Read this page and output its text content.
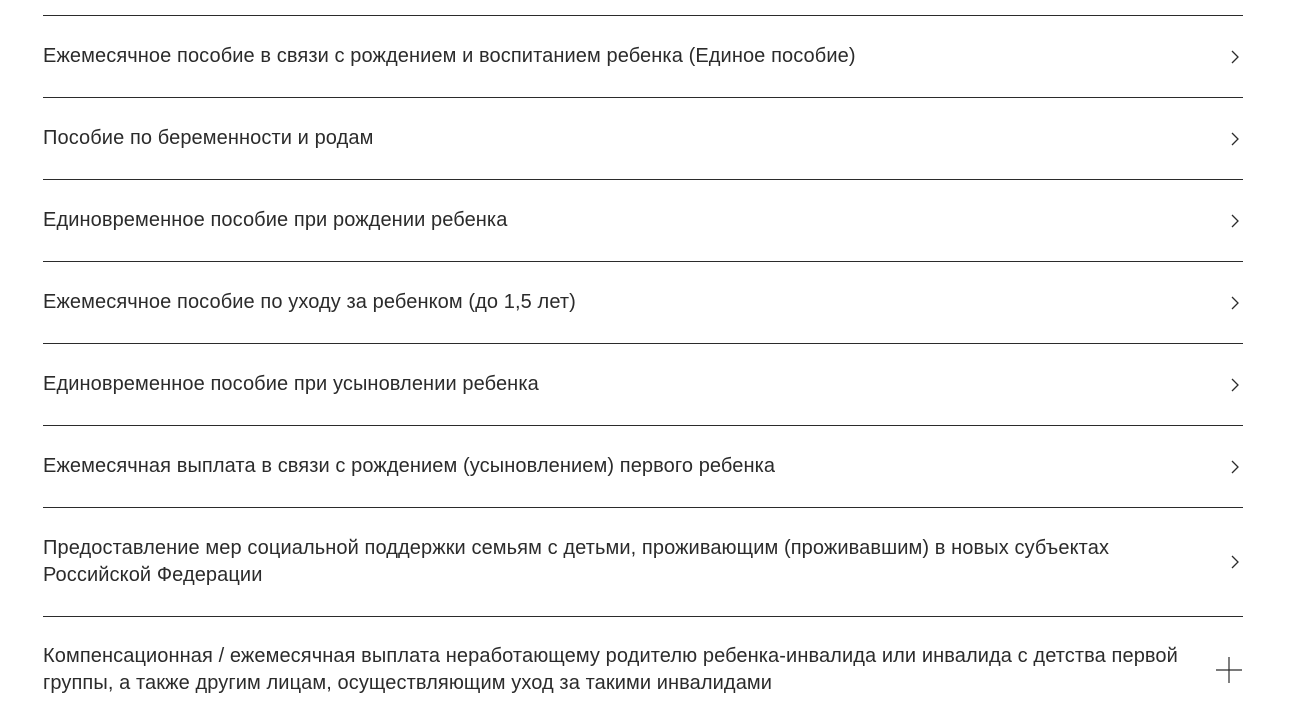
Ежемесячное пособие в связи с рождением и воспитанием ребенка (Единое пособие)
Пособие по беременности и родам
Единовременное пособие при рождении ребенка
Ежемесячное пособие по уходу за ребенком (до 1,5 лет)
Единовременное пособие при усыновлении ребенка
Ежемесячная выплата в связи с рождением (усыновлением) первого ребенка
Предоставление мер социальной поддержки семьям с детьми, проживающим (проживавшим) в новых субъектах Российской Федерации
Компенсационная / ежемесячная выплата неработающему родителю ребенка-инвалида или инвалида с детства первой группы, а также другим лицам, осуществляющим уход за такими инвалидами
